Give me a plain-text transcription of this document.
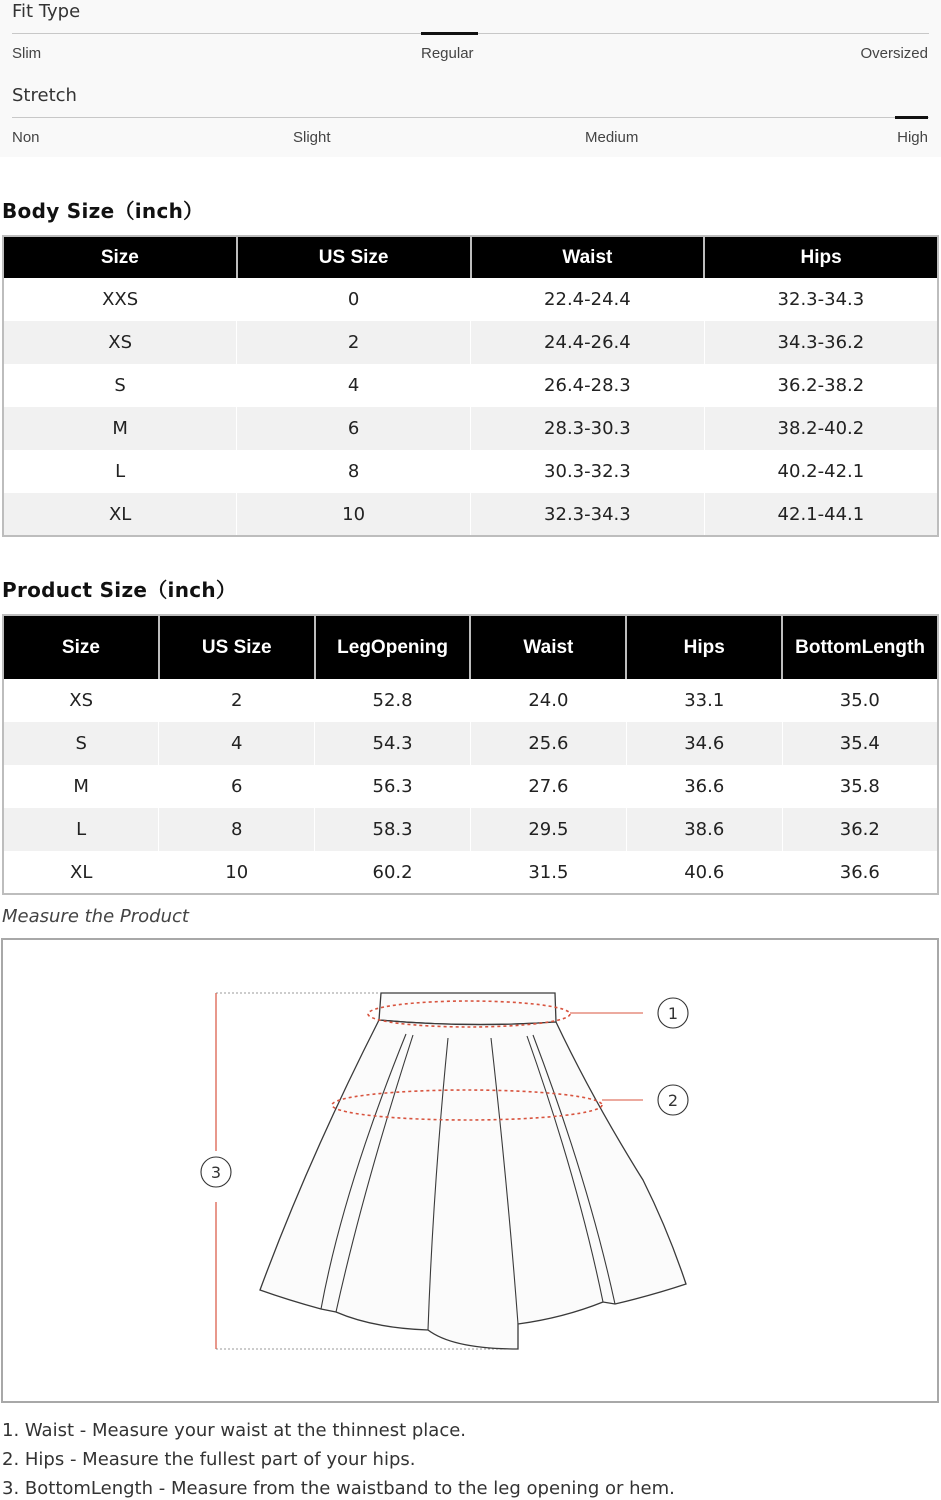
Fit Type
Slim	Regular	Oversized
Stretch
Non	Slight	Medium	High
Body Size（inch）
Size	US Size	Waist	Hips
XXS	0	22.4-24.4	32.3-34.3
XS	2	24.4-26.4	34.3-36.2
S	4	26.4-28.3	36.2-38.2
M	6	28.3-30.3	38.2-40.2
L	8	30.3-32.3	40.2-42.1
XL	10	32.3-34.3	42.1-44.1
Product Size（inch）
Size	US Size	LegOpening	Waist	Hips	BottomLength
XS	2	52.8	24.0	33.1	35.0
S	4	54.3	25.6	34.6	35.4
M	6	56.3	27.6	36.6	35.8
L	8	58.3	29.5	38.6	36.2
XL	10	60.2	31.5	40.6	36.6
Measure the Product
1
2
3
1. Waist - Measure your waist at the thinnest place.
2. Hips - Measure the fullest part of your hips.
3. BottomLength - Measure from the waistband to the leg opening or hem.
